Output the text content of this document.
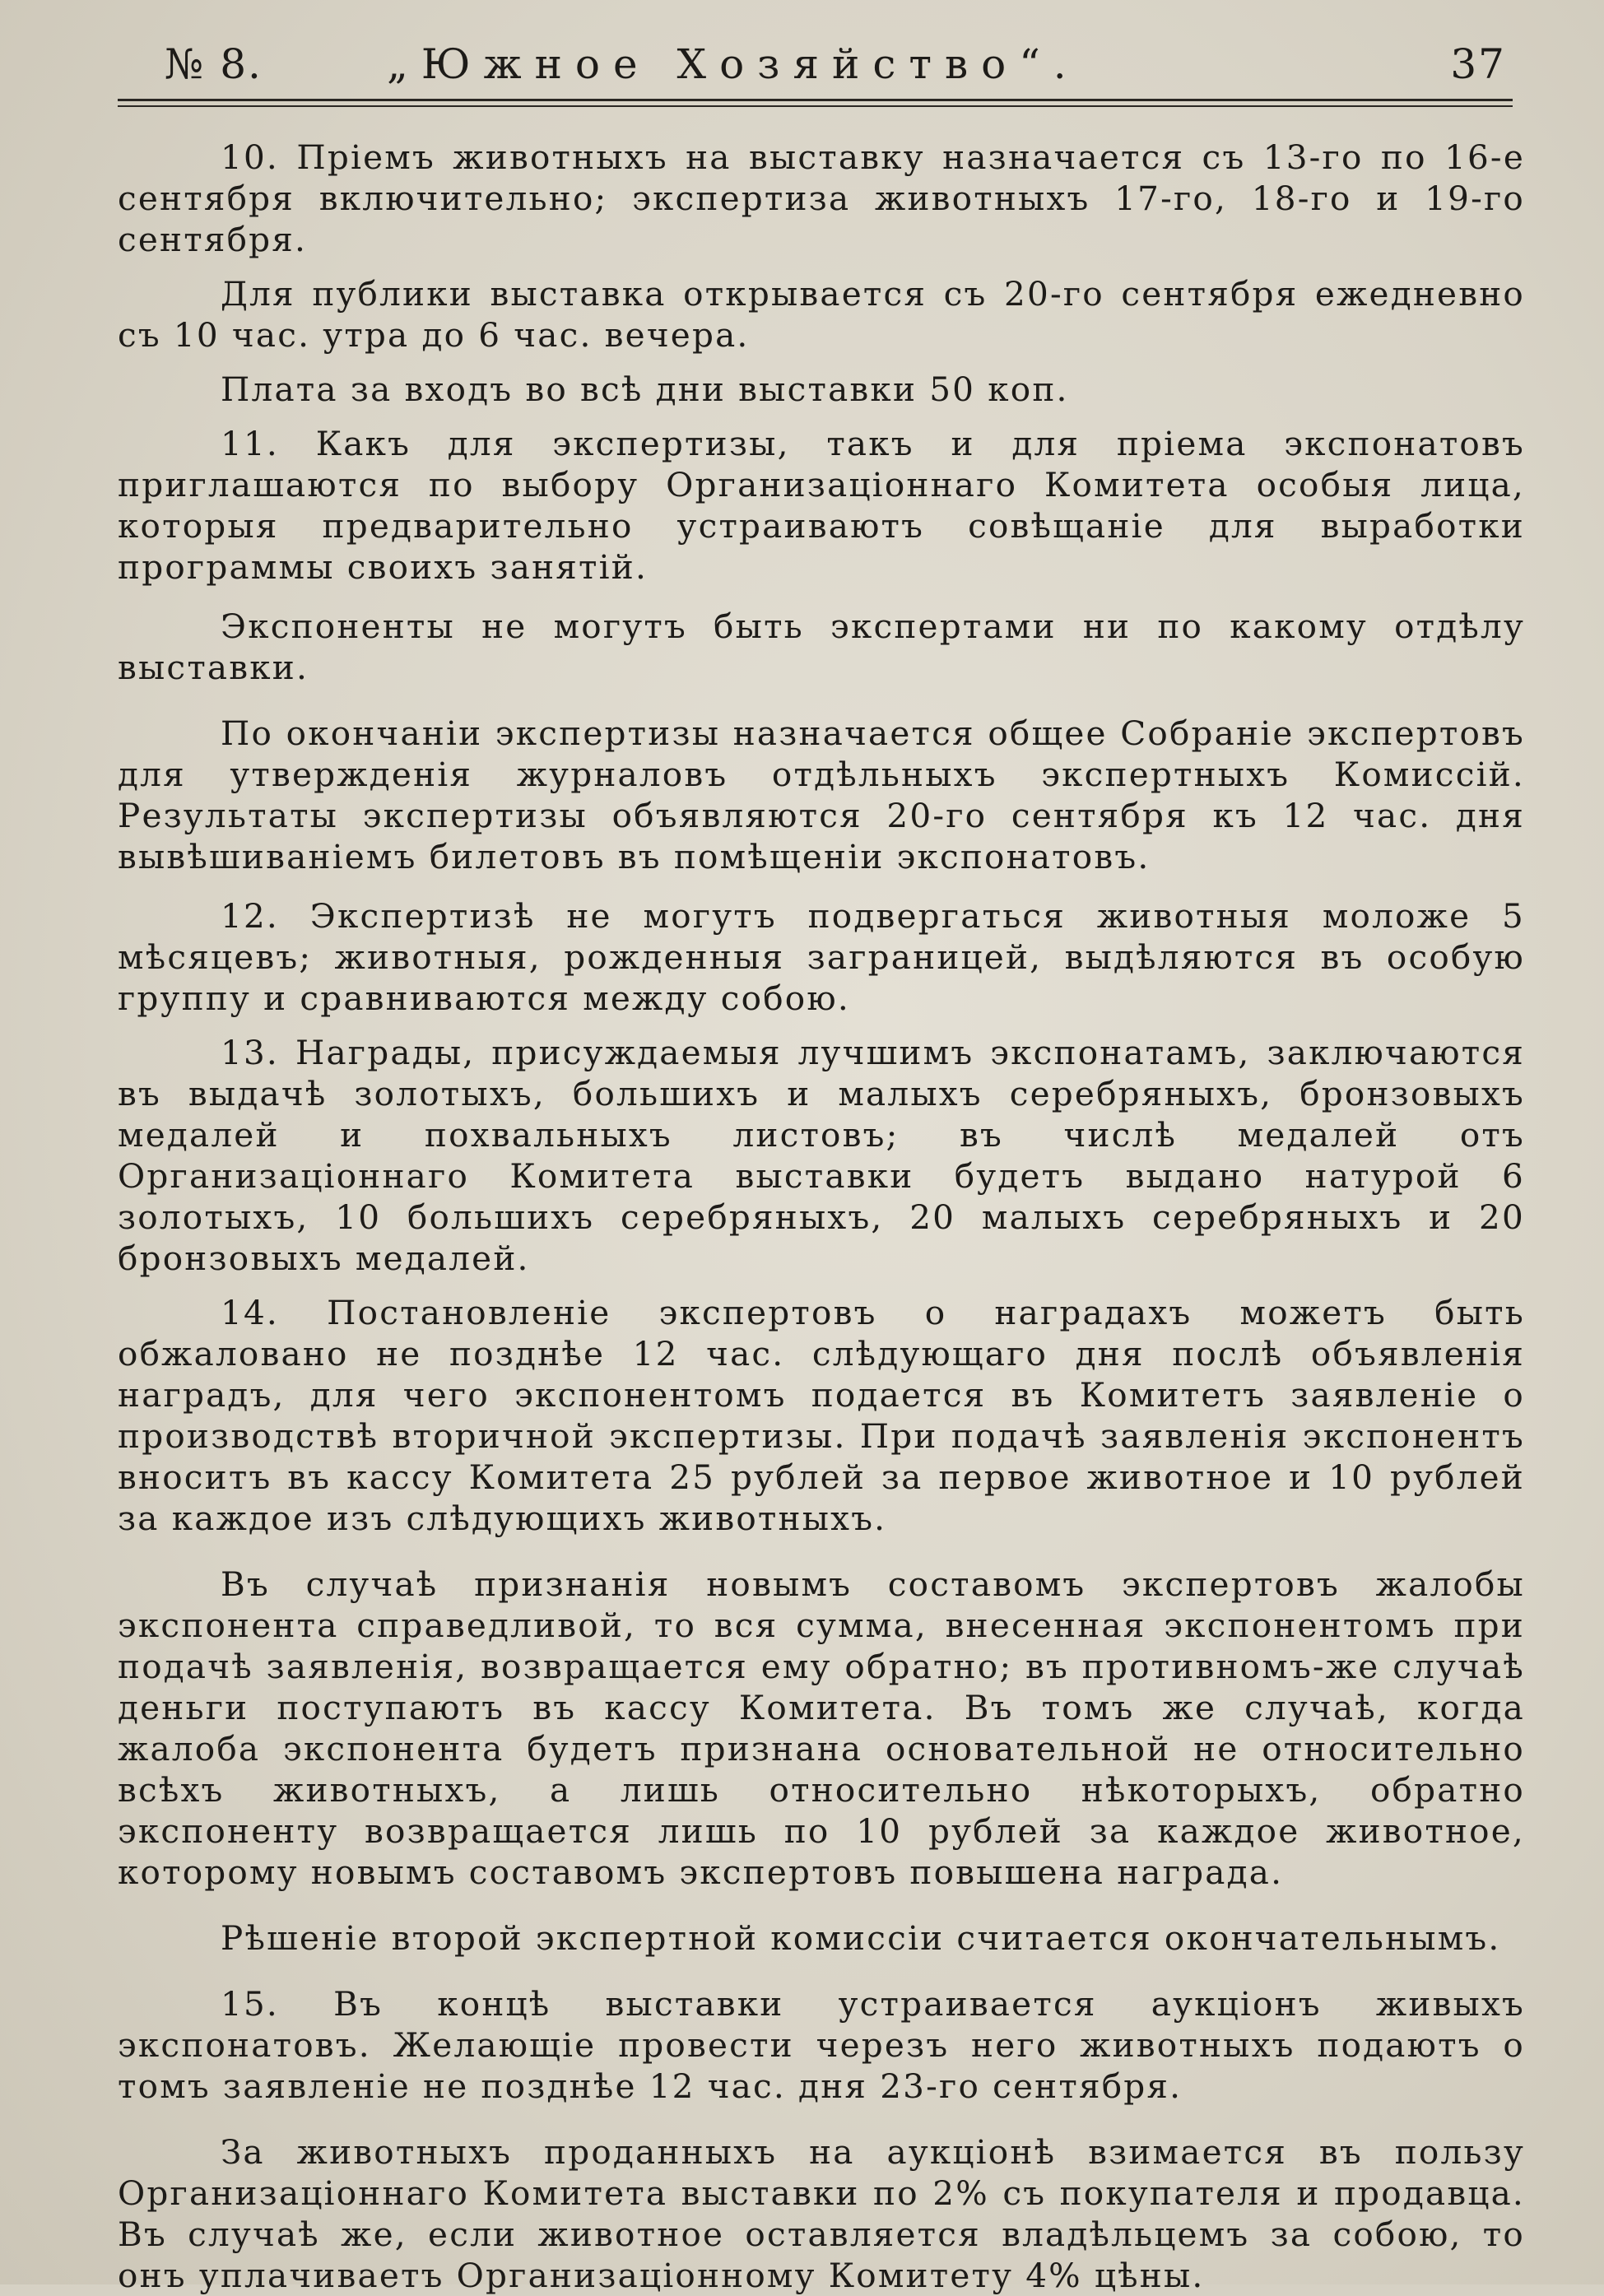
№ 8.	„Южное Хозяйство“.	37

10. Пріемъ животныхъ на выставку назначается съ 13-го по 16-е сентября включительно; экспертиза животныхъ 17-го, 18-го и 19-го сентября.

Для публики выставка открывается съ 20-го сентября ежедневно съ 10 час. утра до 6 час. вечера.

Плата за входъ во всѣ дни выставки 50 коп.

11. Какъ для экспертизы, такъ и для пріема экспонатовъ приглашаются по выбору Организаціоннаго Комитета особыя лица, которыя предварительно устраиваютъ совѣщаніе для выработки программы своихъ занятій.

Экспоненты не могутъ быть экспертами ни по какому отдѣлу выставки.

По окончаніи экспертизы назначается общее Собраніе экспертовъ для утвержденія журналовъ отдѣльныхъ экспертныхъ Комиссій. Результаты экспертизы объявляются 20-го сентября къ 12 час. дня вывѣшиваніемъ билетовъ въ помѣщеніи экспонатовъ.

12. Экспертизѣ не могутъ подвергаться животныя моложе 5 мѣсяцевъ; животныя, рожденныя заграницей, выдѣляются въ особую группу и сравниваются между собою.

13. Награды, присуждаемыя лучшимъ экспонатамъ, заключаются въ выдачѣ золотыхъ, большихъ и малыхъ серебряныхъ, бронзовыхъ медалей и похвальныхъ листовъ; въ числѣ медалей отъ Организаціоннаго Комитета выставки будетъ выдано натурой 6 золотыхъ, 10 большихъ серебряныхъ, 20 малыхъ серебряныхъ и 20 бронзовыхъ медалей.

14. Постановленіе экспертовъ о наградахъ можетъ быть обжаловано не позднѣе 12 час. слѣдующаго дня послѣ объявленія наградъ, для чего экспонентомъ подается въ Комитетъ заявленіе о производствѣ вторичной экспертизы. При подачѣ заявленія экспонентъ вноситъ въ кассу Комитета 25 рублей за первое животное и 10 рублей за каждое изъ слѣдующихъ животныхъ.

Въ случаѣ признанія новымъ составомъ экспертовъ жалобы экспонента справедливой, то вся сумма, внесенная экспонентомъ при подачѣ заявленія, возвращается ему обратно; въ противномъ-же случаѣ деньги поступаютъ въ кассу Комитета. Въ томъ же случаѣ, когда жалоба экспонента будетъ признана основательной не относительно всѣхъ животныхъ, а лишь относительно нѣкоторыхъ, обратно экспоненту возвращается лишь по 10 рублей за каждое животное, которому новымъ составомъ экспертовъ повышена награда.

Рѣшеніе второй экспертной комиссіи считается окончательнымъ.

15. Въ концѣ выставки устраивается аукціонъ живыхъ экспонатовъ. Желающіе провести черезъ него животныхъ подаютъ о томъ заявленіе не позднѣе 12 час. дня 23-го сентября.

За животныхъ проданныхъ на аукціонѣ взимается въ пользу Организаціоннаго Комитета выставки по 2% съ покупателя и продавца. Въ случаѣ же, если животное оставляется владѣльцемъ за собою, то онъ уплачиваетъ Организаціонному Комитету 4% цѣны.
